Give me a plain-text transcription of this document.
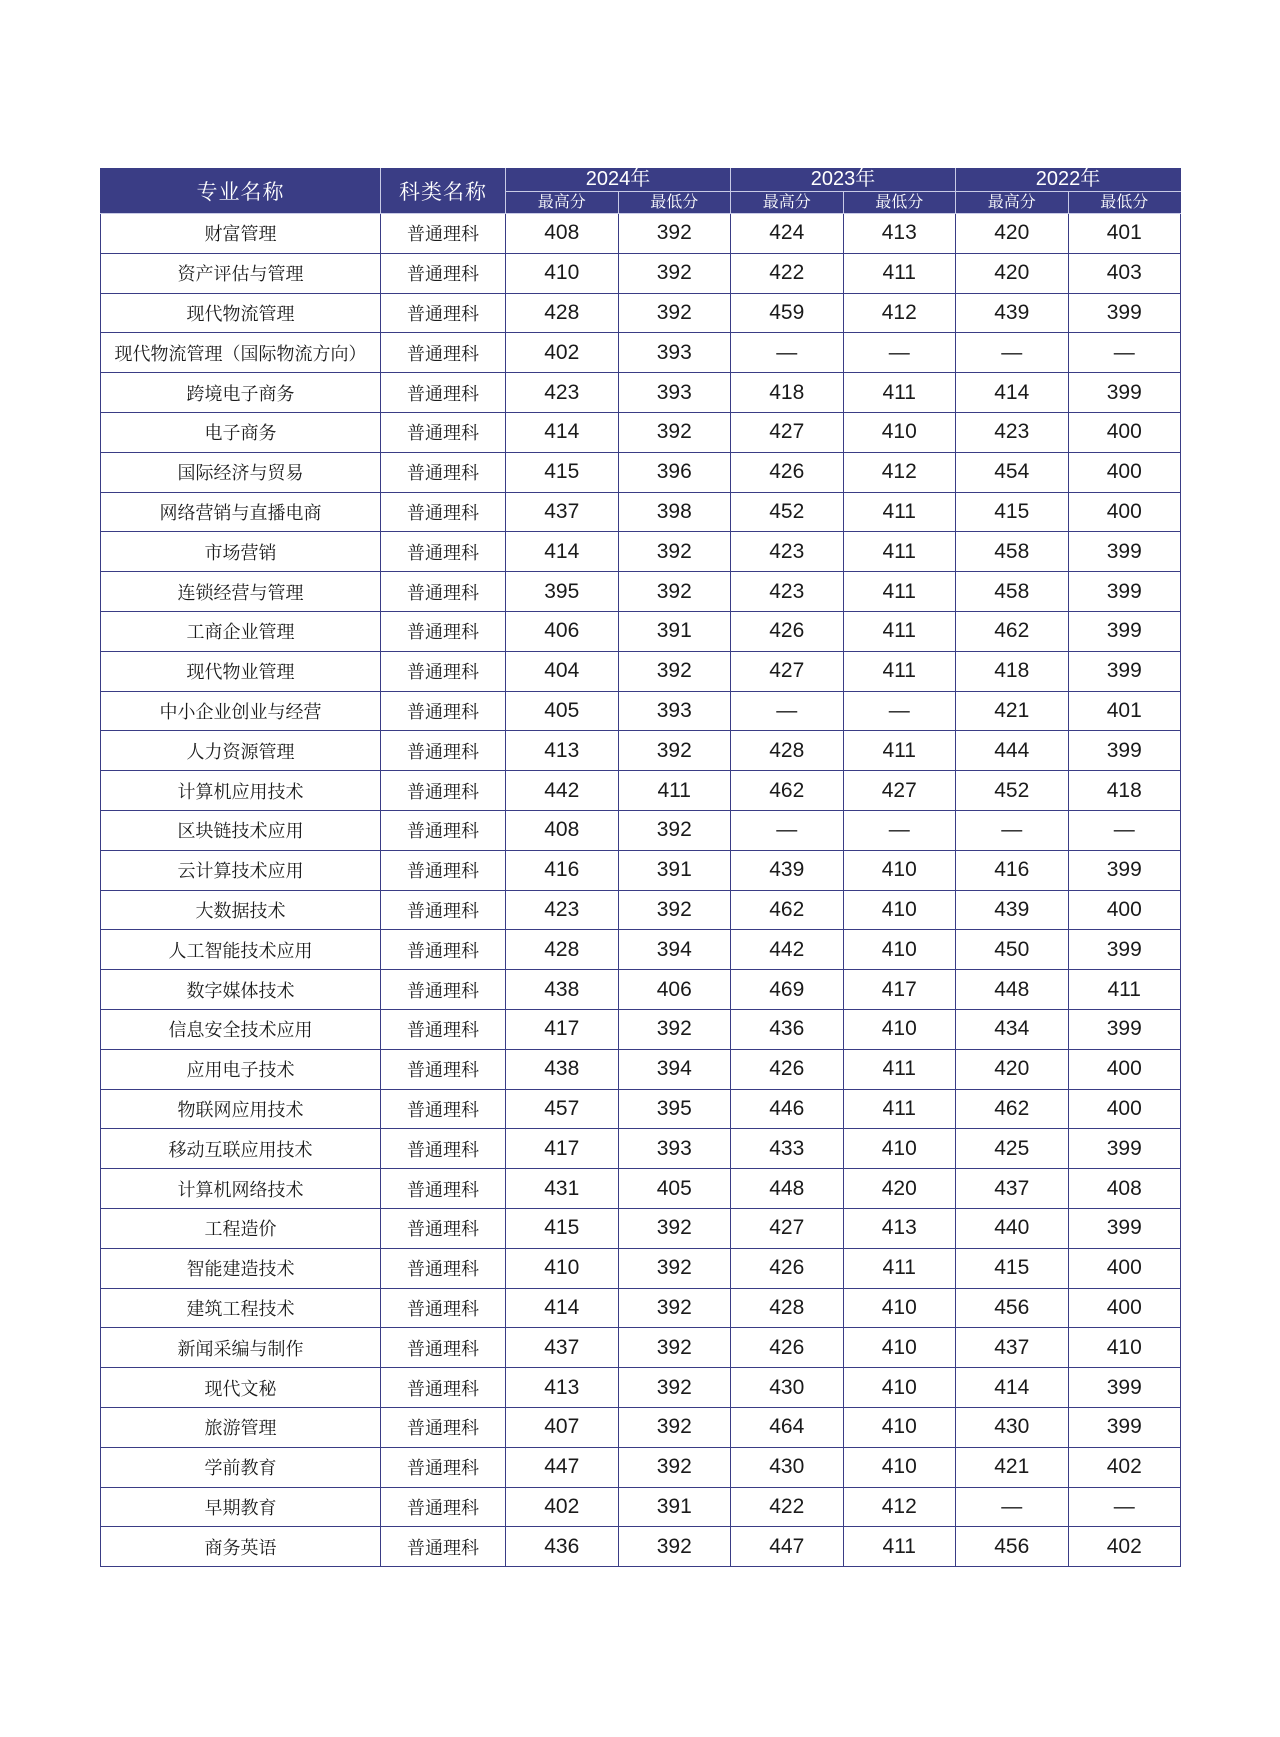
专业名称	科类名称	2024年		2023年		2022年	
		最高分	最低分	最高分	最低分	最高分	最低分
财富管理	普通理科	408	392	424	413	420	401
资产评估与管理	普通理科	410	392	422	411	420	403
现代物流管理	普通理科	428	392	459	412	439	399
现代物流管理（国际物流方向）	普通理科	402	393	—	—	—	—
跨境电子商务	普通理科	423	393	418	411	414	399
电子商务	普通理科	414	392	427	410	423	400
国际经济与贸易	普通理科	415	396	426	412	454	400
网络营销与直播电商	普通理科	437	398	452	411	415	400
市场营销	普通理科	414	392	423	411	458	399
连锁经营与管理	普通理科	395	392	423	411	458	399
工商企业管理	普通理科	406	391	426	411	462	399
现代物业管理	普通理科	404	392	427	411	418	399
中小企业创业与经营	普通理科	405	393	—	—	421	401
人力资源管理	普通理科	413	392	428	411	444	399
计算机应用技术	普通理科	442	411	462	427	452	418
区块链技术应用	普通理科	408	392	—	—	—	—
云计算技术应用	普通理科	416	391	439	410	416	399
大数据技术	普通理科	423	392	462	410	439	400
人工智能技术应用	普通理科	428	394	442	410	450	399
数字媒体技术	普通理科	438	406	469	417	448	411
信息安全技术应用	普通理科	417	392	436	410	434	399
应用电子技术	普通理科	438	394	426	411	420	400
物联网应用技术	普通理科	457	395	446	411	462	400
移动互联应用技术	普通理科	417	393	433	410	425	399
计算机网络技术	普通理科	431	405	448	420	437	408
工程造价	普通理科	415	392	427	413	440	399
智能建造技术	普通理科	410	392	426	411	415	400
建筑工程技术	普通理科	414	392	428	410	456	400
新闻采编与制作	普通理科	437	392	426	410	437	410
现代文秘	普通理科	413	392	430	410	414	399
旅游管理	普通理科	407	392	464	410	430	399
学前教育	普通理科	447	392	430	410	421	402
早期教育	普通理科	402	391	422	412	—	—
商务英语	普通理科	436	392	447	411	456	402
